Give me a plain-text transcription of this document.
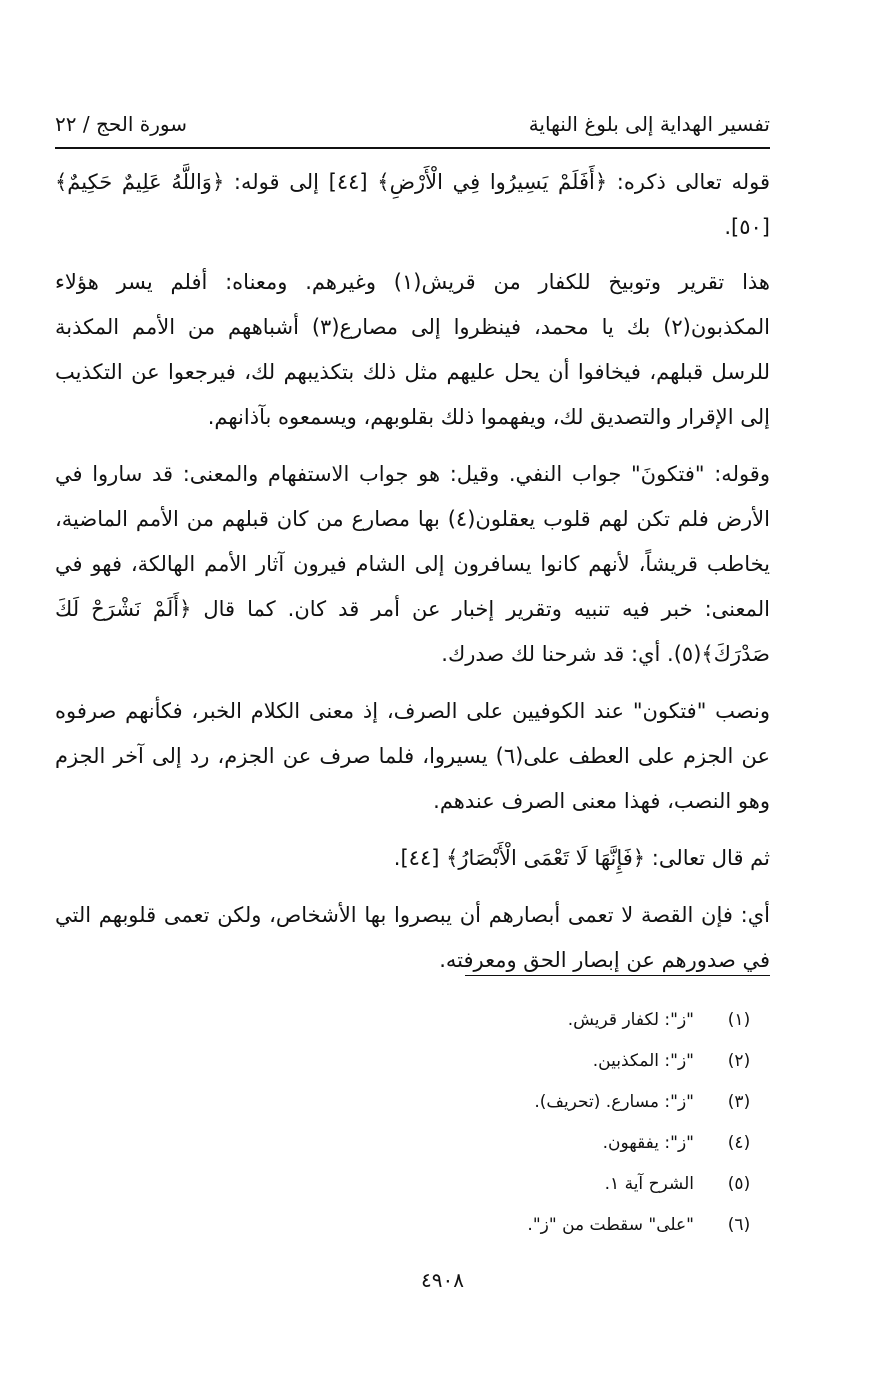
تفسير الهداية إلى بلوغ النهاية
سورة الحج / ٢٢

قوله تعالى ذكره: ﴿أَفَلَمْ يَسِيرُوا فِي الْأَرْضِ﴾ [٤٤] إلى قوله: ﴿وَاللَّهُ عَلِيمٌ حَكِيمٌ﴾ [٥٠].

هذا تقرير وتوبيخ للكفار من قريش(١) وغيرهم. ومعناه: أفلم يسر هؤلاء المكذبون(٢) بك يا محمد، فينظروا إلى مصارع(٣) أشباههم من الأمم المكذبة للرسل قبلهم، فيخافوا أن يحل عليهم مثل ذلك بتكذيبهم لك، فيرجعوا عن التكذيب إلى الإقرار والتصديق لك، ويفهموا ذلك بقلوبهم، ويسمعوه بآذانهم.

وقوله: "فتكونَ" جواب النفي. وقيل: هو جواب الاستفهام والمعنى: قد ساروا في الأرض فلم تكن لهم قلوب يعقلون(٤) بها مصارع من كان قبلهم من الأمم الماضية، يخاطب قريشاً، لأنهم كانوا يسافرون إلى الشام فيرون آثار الأمم الهالكة، فهو في المعنى: خبر فيه تنبيه وتقرير إخبار عن أمر قد كان. كما قال ﴿أَلَمْ نَشْرَحْ لَكَ صَدْرَكَ﴾(٥). أي: قد شرحنا لك صدرك.

ونصب "فتكون" عند الكوفيين على الصرف، إذ معنى الكلام الخبر، فكأنهم صرفوه عن الجزم على العطف على(٦) يسيروا، فلما صرف عن الجزم، رد إلى آخر الجزم وهو النصب، فهذا معنى الصرف عندهم.

ثم قال تعالى: ﴿فَإِنَّهَا لَا تَعْمَى الْأَبْصَارُ﴾ [٤٤].

أي: فإن القصة لا تعمى أبصارهم أن يبصروا بها الأشخاص، ولكن تعمى قلوبهم التي في صدورهم عن إبصار الحق ومعرفته.

(١)"ز": لكفار قريش.
(٢)"ز": المكذبين.
(٣)"ز": مسارع. (تحريف).
(٤)"ز": يفقهون.
(٥)الشرح آية ١.
(٦)"على" سقطت من "ز".
٤٩٠٨
